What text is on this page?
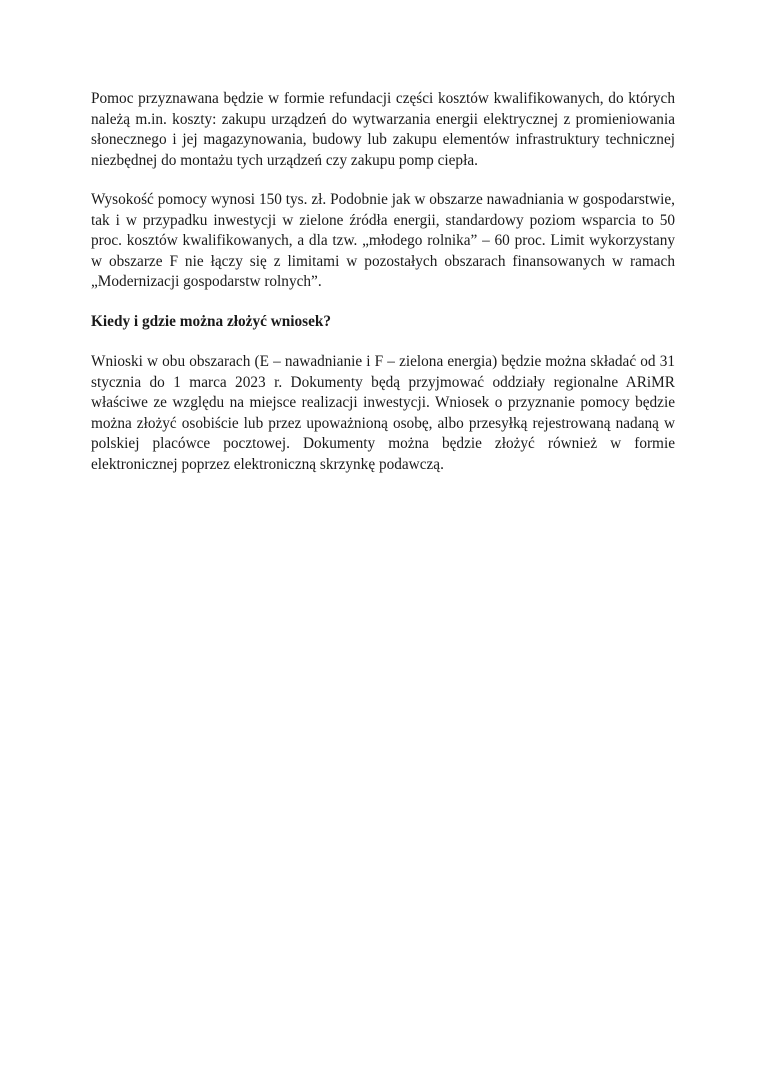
Pomoc przyznawana będzie w formie refundacji części kosztów kwalifikowanych, do których należą m.in. koszty: zakupu urządzeń do wytwarzania energii elektrycznej z promieniowania słonecznego i jej magazynowania, budowy lub zakupu elementów infrastruktury technicznej niezbędnej do montażu tych urządzeń czy zakupu pomp ciepła.

Wysokość pomocy wynosi 150 tys. zł. Podobnie jak w obszarze nawadniania w gospodarstwie, tak i w przypadku inwestycji w zielone źródła energii, standardowy poziom wsparcia to 50 proc. kosztów kwalifikowanych, a dla tzw. „młodego rolnika” – 60 proc. Limit wykorzystany w obszarze F nie łączy się z limitami w pozostałych obszarach finansowanych w ramach „Modernizacji gospodarstw rolnych”.

Kiedy i gdzie można złożyć wniosek?

Wnioski w obu obszarach (E – nawadnianie i F – zielona energia) będzie można składać od 31 stycznia do 1 marca 2023 r. Dokumenty będą przyjmować oddziały regionalne ARiMR właściwe ze względu na miejsce realizacji inwestycji. Wniosek o przyznanie pomocy będzie można złożyć osobiście lub przez upoważnioną osobę, albo przesyłką rejestrowaną nadaną w polskiej placówce pocztowej. Dokumenty można będzie złożyć również w formie elektronicznej poprzez elektroniczną skrzynkę podawczą.
